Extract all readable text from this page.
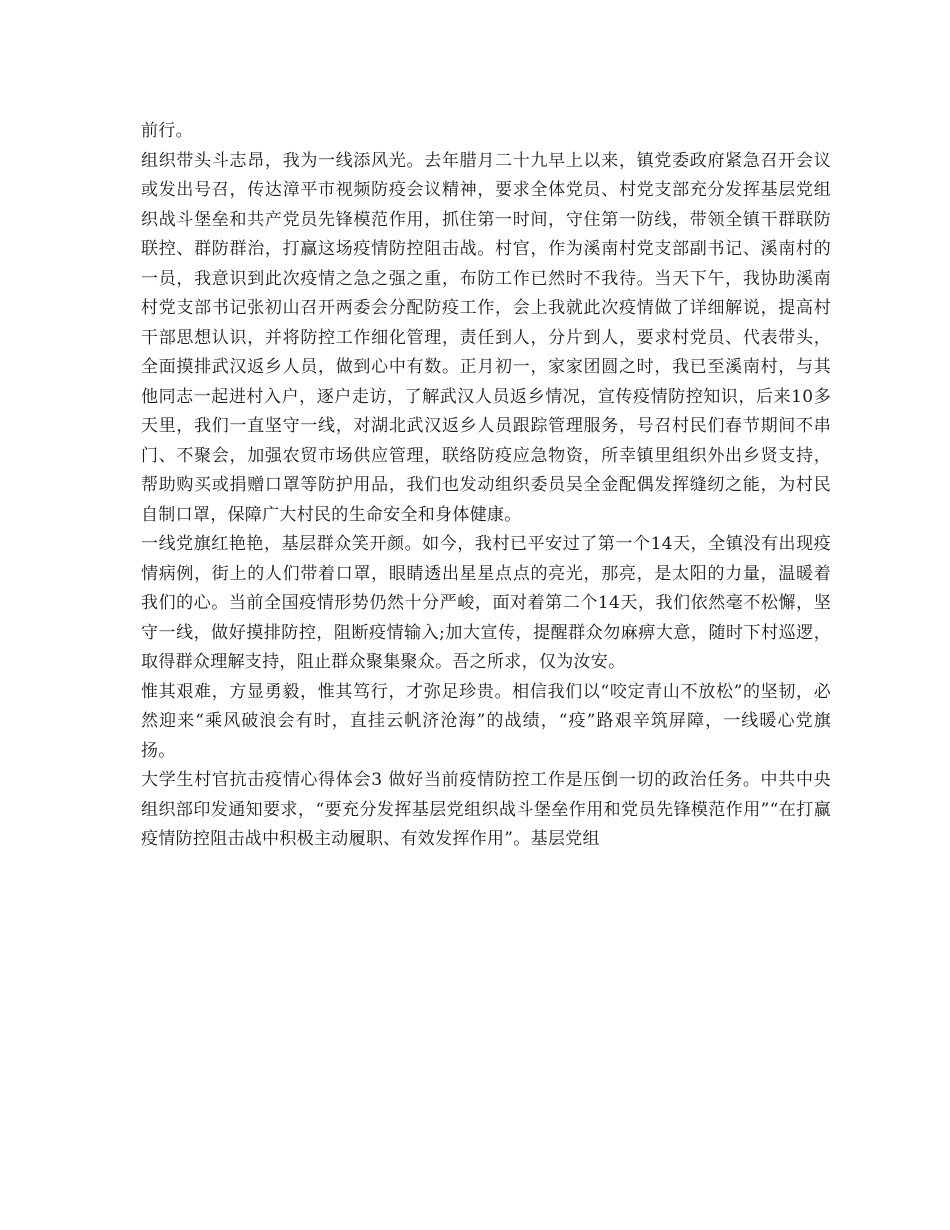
前行。

组织带头斗志昂，我为一线添风光。去年腊月二十九早上以来，镇党委政府紧急召开会议或发出号召，传达漳平市视频防疫会议精神，要求全体党员、村党支部充分发挥基层党组织战斗堡垒和共产党员先锋模范作用，抓住第一时间，守住第一防线，带领全镇干群联防联控、群防群治，打赢这场疫情防控阻击战。村官，作为溪南村党支部副书记、溪南村的一员，我意识到此次疫情之急之强之重，布防工作已然时不我待。当天下午，我协助溪南村党支部书记张初山召开两委会分配防疫工作，会上我就此次疫情做了详细解说，提高村干部思想认识，并将防控工作细化管理，责任到人，分片到人，要求村党员、代表带头，全面摸排武汉返乡人员，做到心中有数。正月初一，家家团圆之时，我已至溪南村，与其他同志一起进村入户，逐户走访，了解武汉人员返乡情况，宣传疫情防控知识，后来10多天里，我们一直坚守一线，对湖北武汉返乡人员跟踪管理服务，号召村民们春节期间不串门、不聚会，加强农贸市场供应管理，联络防疫应急物资，所幸镇里组织外出乡贤支持，帮助购买或捐赠口罩等防护用品，我们也发动组织委员吴全金配偶发挥缝纫之能，为村民自制口罩，保障广大村民的生命安全和身体健康。

一线党旗红艳艳，基层群众笑开颜。如今，我村已平安过了第一个14天，全镇没有出现疫情病例，街上的人们带着口罩，眼睛透出星星点点的亮光，那亮，是太阳的力量，温暖着我们的心。当前全国疫情形势仍然十分严峻，面对着第二个14天，我们依然毫不松懈，坚守一线，做好摸排防控，阻断疫情输入;加大宣传，提醒群众勿麻痹大意，随时下村巡逻，取得群众理解支持，阻止群众聚集聚众。吾之所求，仅为汝安。

惟其艰难，方显勇毅，惟其笃行，才弥足珍贵。相信我们以“咬定青山不放松”的坚韧，必然迎来“乘风破浪会有时，直挂云帆济沧海”的战绩，“疫”路艰辛筑屏障，一线暖心党旗扬。

大学生村官抗击疫情心得体会3 做好当前疫情防控工作是压倒一切的政治任务。中共中央组织部印发通知要求，“要充分发挥基层党组织战斗堡垒作用和党员先锋模范作用”“在打赢疫情防控阻击战中积极主动履职、有效发挥作用”。基层党组
